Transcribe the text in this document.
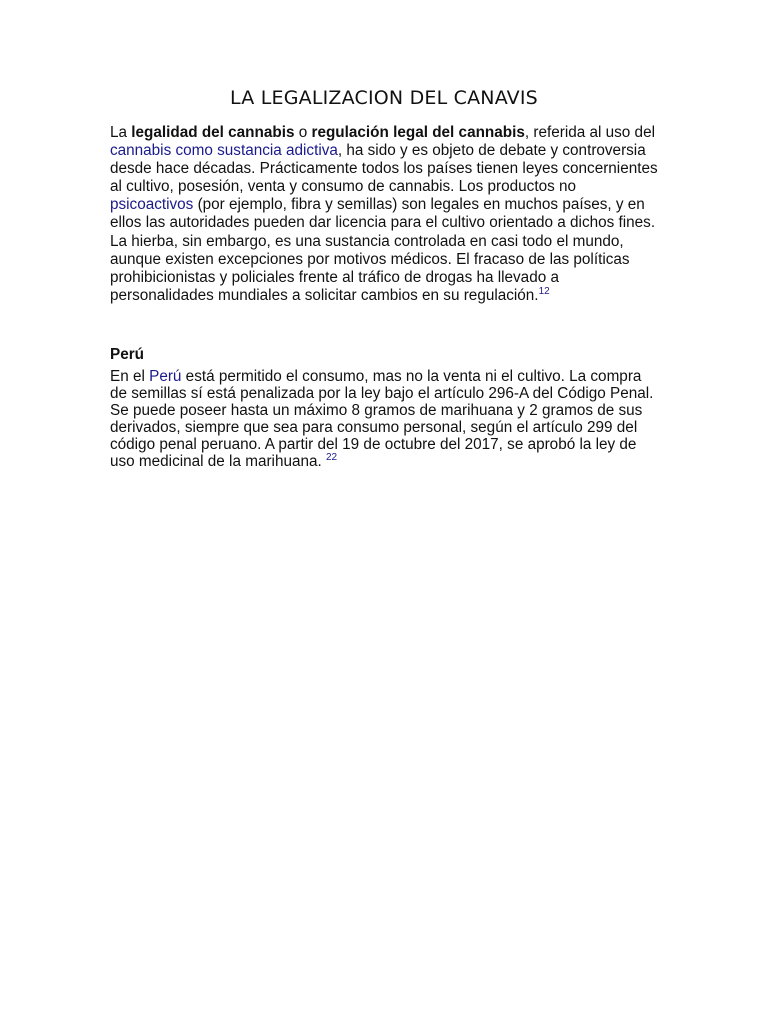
LA LEGALIZACION DEL CANAVIS

La legalidad del cannabis o regulación legal del cannabis, referida al uso del cannabis como sustancia adictiva, ha sido y es objeto de debate y controversia desde hace décadas. Prácticamente todos los países tienen leyes concernientes al cultivo, posesión, venta y consumo de cannabis. Los productos no psicoactivos (por ejemplo, fibra y semillas) son legales en muchos países, y en ellos las autoridades pueden dar licencia para el cultivo orientado a dichos fines. La hierba, sin embargo, es una sustancia controlada en casi todo el mundo, aunque existen excepciones por motivos médicos. El fracaso de las políticas prohibicionistas y policiales frente al tráfico de drogas ha llevado a personalidades mundiales a solicitar cambios en su regulación.$^{12}$

Perú

En el Perú está permitido el consumo, mas no la venta ni el cultivo. La compra de semillas sí está penalizada por la ley bajo el artículo 296-A del Código Penal. Se puede poseer hasta un máximo 8 gramos de marihuana y 2 gramos de sus derivados, siempre que sea para consumo personal, según el artículo 299 del código penal peruano. A partir del 19 de octubre del 2017, se aprobó la ley de uso medicinal de la marihuana. $^{22}$
